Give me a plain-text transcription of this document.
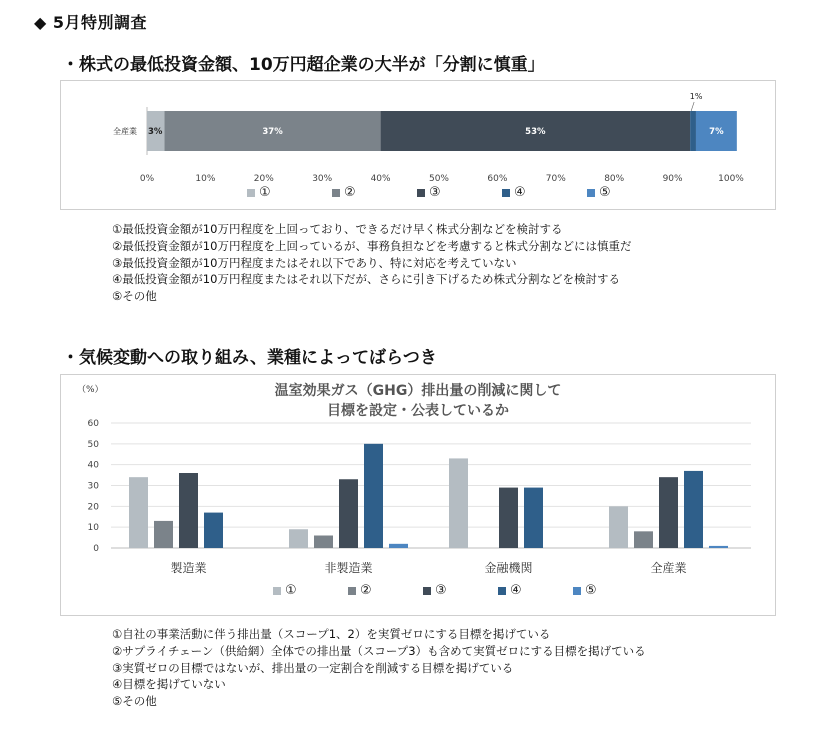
◆ 5月特別調査
・株式の最低投資金額、10万円超企業の大半が「分割に慎重」
全産業 3%	37%	53%
1%
7%
0%	10%	20%	30%	40%	50%	60%	70%	80%	90%	100%
①	②	③	④	⑤
①最低投資金額が10万円程度を上回っており、できるだけ早く株式分割などを検討する
②最低投資金額が10万円程度を上回っているが、事務負担などを考慮すると株式分割などには慎重だ
③最低投資金額が10万円程度またはそれ以下であり、特に対応を考えていない
④最低投資金額が10万円程度またはそれ以下だが、さらに引き下げるため株式分割などを検討する
⑤その他
・気候変動への取り組み、業種によってばらつき
（%）	温室効果ガス（GHG）排出量の削減に関して
目標を設定・公表しているか
0
10
20
30
40
50
60
製造業	非製造業	金融機関	全産業
①	②	③	④	⑤
①自社の事業活動に伴う排出量（スコープ1、2）を実質ゼロにする目標を掲げている
②サプライチェーン（供給網）全体での排出量（スコープ3）も含めて実質ゼロにする目標を掲げている
③実質ゼロの目標ではないが、排出量の一定割合を削減する目標を掲げている
④目標を掲げていない
⑤その他
